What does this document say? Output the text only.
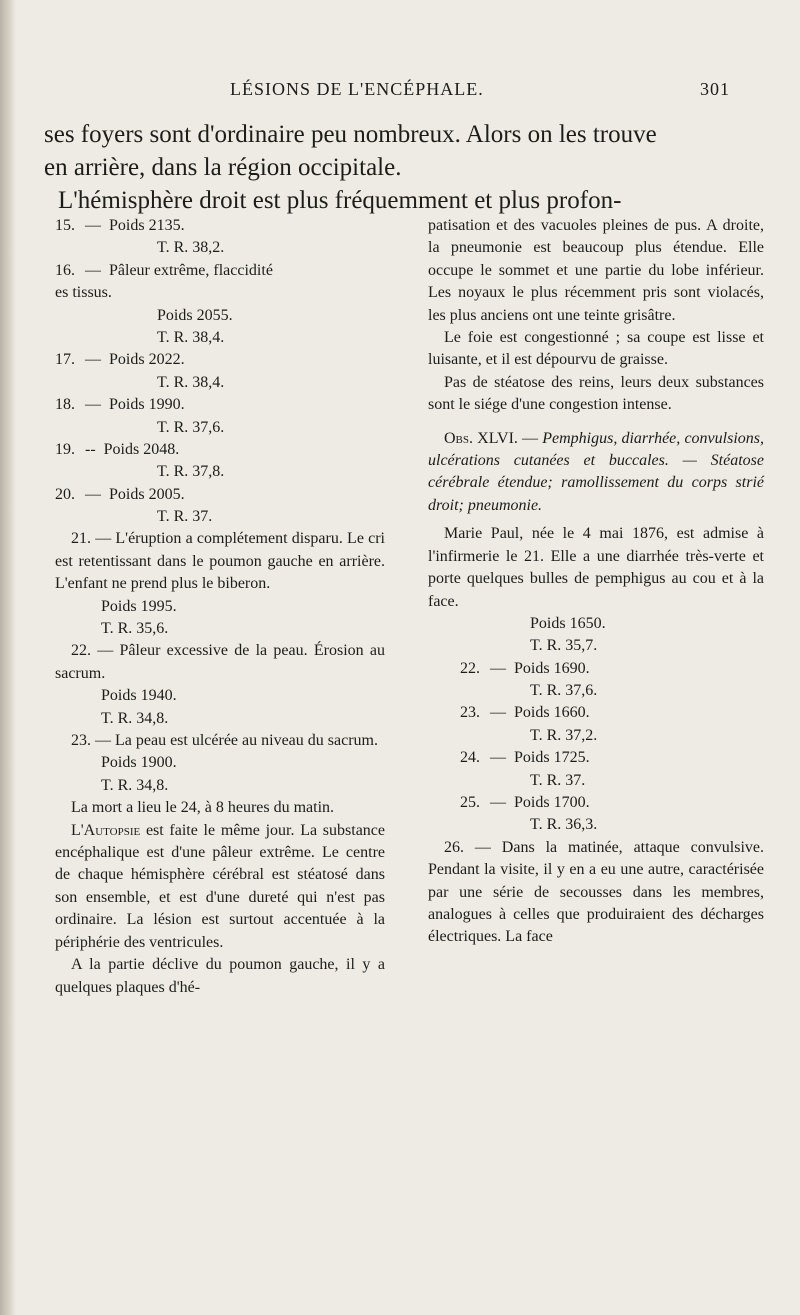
LÉSIONS DE L'ENCÉPHALE.	301
ses foyers sont d'ordinaire peu nombreux. Alors on les trouve
en arrière, dans la région occipitale.
L'hémisphère droit est plus fréquemment et plus profon-
15. — Poids 2135.
T. R. 38,2.
16. — Pâleur extrême, flaccidité
es tissus.
Poids 2055.
T. R. 38,4.
17. — Poids 2022.
T. R. 38,4.
18. — Poids 1990.
T. R. 37,6.
19. -- Poids 2048.
T. R. 37,8.
20. — Poids 2005.
T. R. 37.

21. — L'éruption a complétement disparu. Le cri est retentissant dans le poumon gauche en arrière. L'enfant ne prend plus le biberon.

Poids 1995.
T. R. 35,6.

22. — Pâleur excessive de la peau. Érosion au sacrum.

Poids 1940.
T. R. 34,8.

23. — La peau est ulcérée au niveau du sacrum.

Poids 1900.
T. R. 34,8.

La mort a lieu le 24, à 8 heures du matin.

L'Autopsie est faite le même jour. La substance encéphalique est d'une pâleur extrême. Le centre de chaque hémisphère cérébral est stéatosé dans son ensemble, et est d'une dureté qui n'est pas ordinaire. La lésion est surtout accentuée à la périphérie des ventricules.

A la partie déclive du poumon gauche, il y a quelques plaques d'hé-

patisation et des vacuoles pleines de pus. A droite, la pneumonie est beaucoup plus étendue. Elle occupe le sommet et une partie du lobe inférieur. Les noyaux le plus récemment pris sont violacés, les plus anciens ont une teinte grisâtre.

Le foie est congestionné ; sa coupe est lisse et luisante, et il est dépourvu de graisse.

Pas de stéatose des reins, leurs deux substances sont le siége d'une congestion intense.

Obs. XLVI. — Pemphigus, diarrhée, convulsions, ulcérations cutanées et buccales. — Stéatose cérébrale étendue; ramollissement du corps strié droit; pneumonie.

Marie Paul, née le 4 mai 1876, est admise à l'infirmerie le 21. Elle a une diarrhée très-verte et porte quelques bulles de pemphigus au cou et à la face.

Poids 1650.
T. R. 35,7.
22. — Poids 1690.
T. R. 37,6.
23. — Poids 1660.
T. R. 37,2.
24. — Poids 1725.
T. R. 37.
25. — Poids 1700.
T. R. 36,3.

26. — Dans la matinée, attaque convulsive. Pendant la visite, il y en a eu une autre, caractérisée par une série de secousses dans les membres, analogues à celles que produiraient des décharges électriques. La face
